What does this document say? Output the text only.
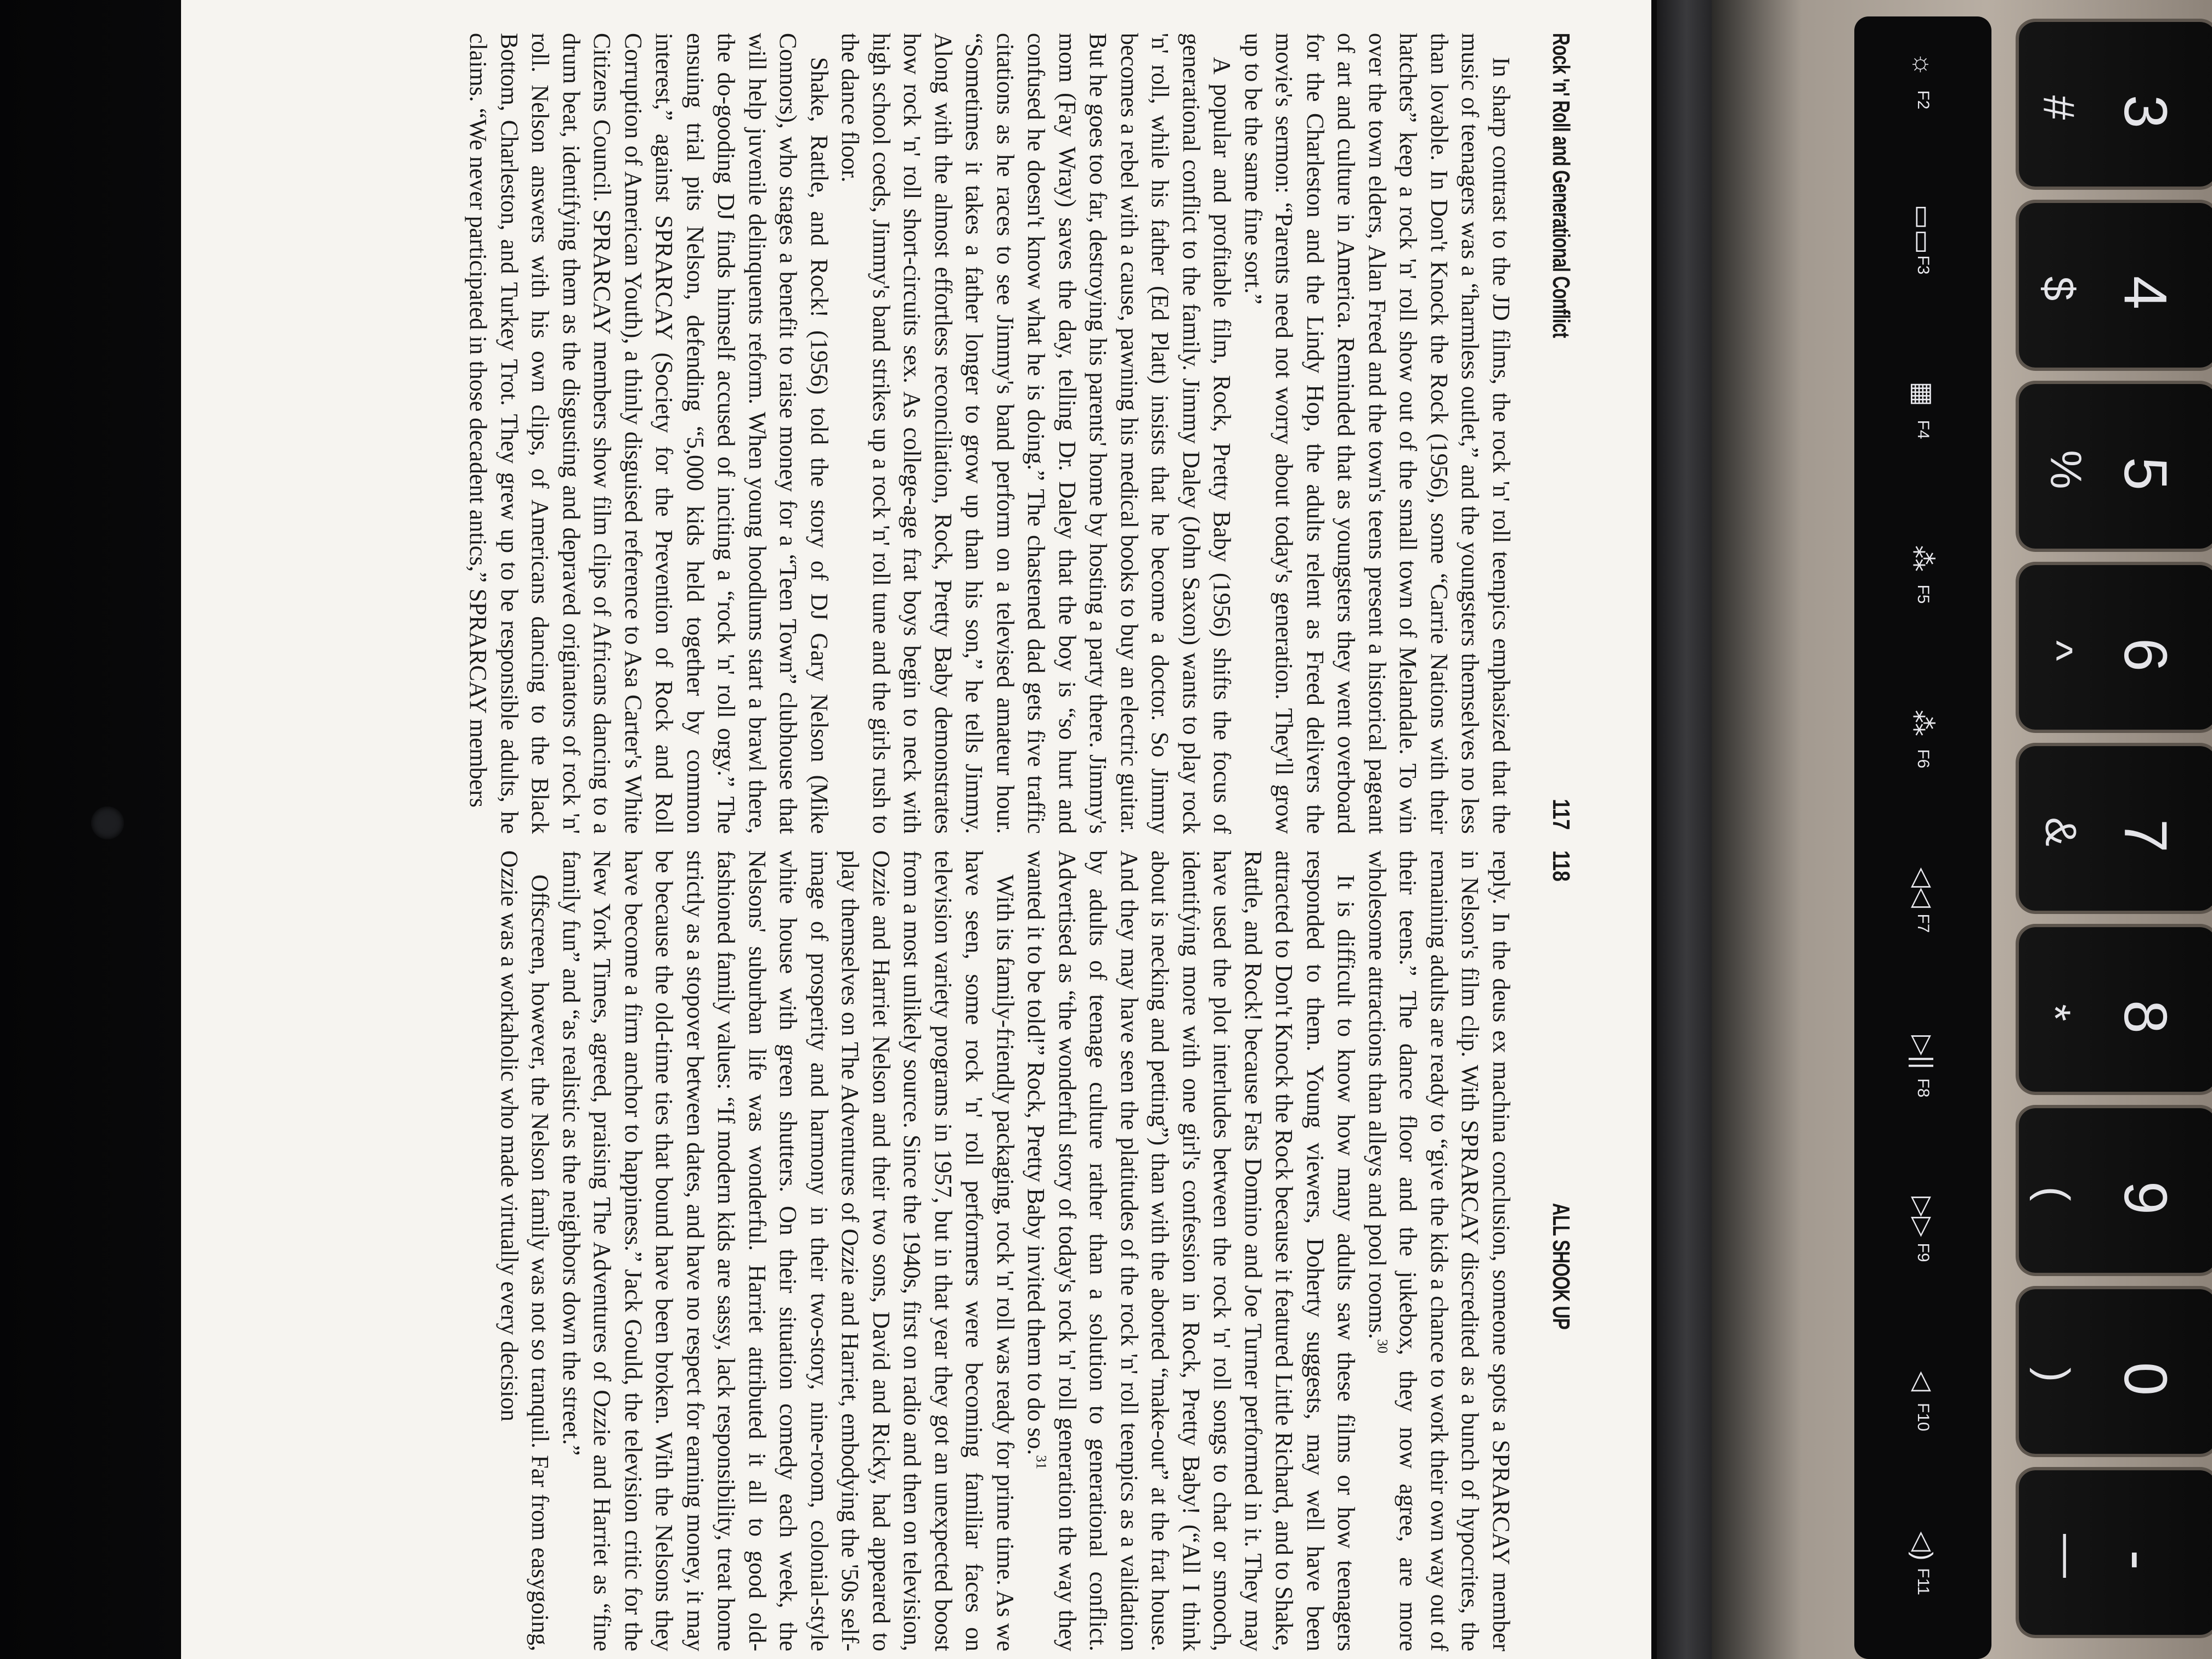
Rock 'n' Roll and Generational Conflict
117

In sharp contrast to the JD films, the rock 'n' roll teenpics emphasized that the music of teenagers was a “harmless outlet,” and the youngsters themselves no less than lovable. In Don't Knock the Rock (1956), some “Carrie Nations with their hatchets” keep a rock 'n' roll show out of the small town of Melandale. To win over the town elders, Alan Freed and the town's teens present a historical pageant of art and culture in America. Reminded that as youngsters they went overboard for the Charleston and the Lindy Hop, the adults relent as Freed delivers the movie's sermon: “Parents need not worry about today's generation. They'll grow up to be the same fine sort.”

A popular and profitable film, Rock, Pretty Baby (1956) shifts the focus of generational conflict to the family. Jimmy Daley (John Saxon) wants to play rock 'n' roll, while his father (Ed Platt) insists that he become a doctor. So Jimmy becomes a rebel with a cause, pawning his medical books to buy an electric guitar. But he goes too far, destroying his parents' home by hosting a party there. Jimmy's mom (Fay Wray) saves the day, telling Dr. Daley that the boy is “so hurt and confused he doesn't know what he is doing.” The chastened dad gets five traffic citations as he races to see Jimmy's band perform on a televised amateur hour. “Sometimes it takes a father longer to grow up than his son,” he tells Jimmy. Along with the almost effortless reconciliation, Rock, Pretty Baby demonstrates how rock 'n' roll short-circuits sex. As college-age frat boys begin to neck with high school coeds, Jimmy's band strikes up a rock 'n' roll tune and the girls rush to the dance floor.

Shake, Rattle, and Rock! (1956) told the story of DJ Gary Nelson (Mike Connors), who stages a benefit to raise money for a “Teen Town” clubhouse that will help juvenile delinquents reform. When young hoodlums start a brawl there, the do-gooding DJ finds himself accused of inciting a “rock 'n' roll orgy.” The ensuing trial pits Nelson, defending “5,000 kids held together by common interest,” against SPRARCAY (Society for the Prevention of Rock and Roll Corruption of American Youth), a thinly disguised reference to Asa Carter's White Citizens Council. SPRARCAY members show film clips of Africans dancing to a drum beat, identifying them as the disgusting and depraved originators of rock 'n' roll. Nelson answers with his own clips, of Americans dancing to the Black Bottom, Charleston, and Turkey Trot. They grew up to be responsible adults, he claims. “We never participated in those decadent antics,” SPRARCAY members

118
ALL SHOOK UP

reply. In the deus ex machina conclusion, someone spots a SPRARCAY member in Nelson's film clip. With SPRARCAY discredited as a bunch of hypocrites, the remaining adults are ready to “give the kids a chance to work their own way out of their teens.” The dance floor and the jukebox, they now agree, are more wholesome attractions than alleys and pool rooms.$^{30}$

It is difficult to know how many adults saw these films or how teenagers responded to them. Young viewers, Doherty suggests, may well have been attracted to Don't Knock the Rock because it featured Little Richard, and to Shake, Rattle, and Rock! because Fats Domino and Joe Turner performed in it. They may have used the plot interludes between the rock 'n' roll songs to chat or smooch, identifying more with one girl's confession in Rock, Pretty Baby! (“All I think about is necking and petting”) than with the aborted “make-out” at the frat house. And they may have seen the platitudes of the rock 'n' roll teenpics as a validation by adults of teenage culture rather than a solution to generational conflict. Advertised as “the wonderful story of today's rock 'n' roll generation the way they wanted it to be told!” Rock, Pretty Baby invited them to do so.$^{31}$

With its family-friendly packaging, rock 'n' roll was ready for prime time. As we have seen, some rock 'n' roll performers were becoming familiar faces on television variety programs in 1957, but in that year they got an unexpected boost from a most unlikely source. Since the 1940s, first on radio and then on television, Ozzie and Harriet Nelson and their two sons, David and Ricky, had appeared to play themselves on The Adventures of Ozzie and Harriet, embodying the '50s self-image of prosperity and harmony in their two-story, nine-room, colonial-style white house with green shutters. On their situation comedy each week, the Nelsons' suburban life was wonderful. Harriet attributed it all to good old-fashioned family values: “If modern kids are sassy, lack responsibility, treat home strictly as a stopover between dates, and have no respect for earning money, it may be because the old-time ties that bound have been broken. With the Nelsons they have become a firm anchor to happiness.” Jack Gould, the television critic for the New York Times, agreed, praising The Adventures of Ozzie and Harriet as “fine family fun” and “as realistic as the neighbors down the street.”

Offscreen, however, the Nelson family was not so tranquil. Far from easygoing, Ozzie was a workaholic who made virtually every decision

☼
F2
▭▭
F3
▦
F4
⁂
F5
⁂
F6
◁◁
F7
▷||
F8
▷▷
F9
◁
F10
◁)
F11
# 3
$ 4
% 5
^ 6
& 7
* 8
( 9
) 0
— -
